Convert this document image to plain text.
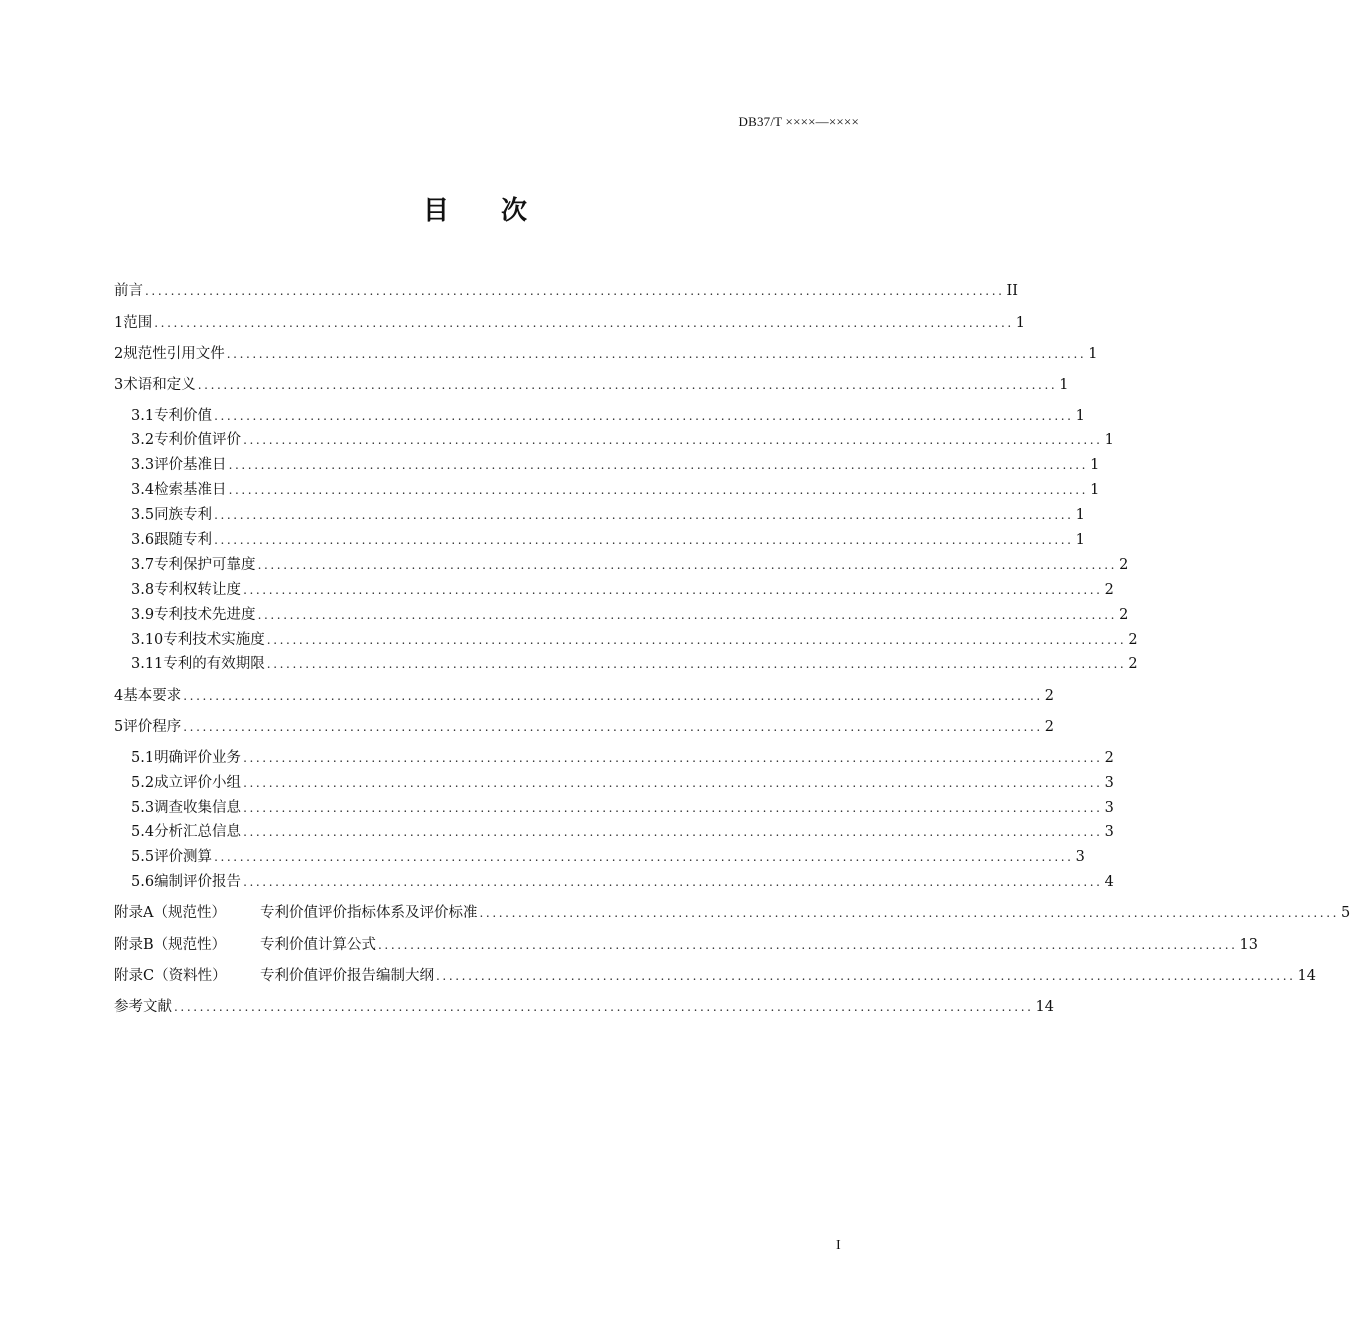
DB37/T ××××—××××
目 次
前言 ...................................................................................................................................... II
1 范围 ...................................................................................................................................... 1
2 规范性引用文件 ...................................................................................................................................... 1
3 术语和定义 ...................................................................................................................................... 1
3.1 专利价值 ...................................................................................................................................... 1
3.2 专利价值评价 ...................................................................................................................................... 1
3.3 评价基准日 ...................................................................................................................................... 1
3.4 检索基准日 ...................................................................................................................................... 1
3.5 同族专利 ...................................................................................................................................... 1
3.6 跟随专利 ...................................................................................................................................... 1
3.7 专利保护可靠度 ...................................................................................................................................... 2
3.8 专利权转让度 ...................................................................................................................................... 2
3.9 专利技术先进度 ...................................................................................................................................... 2
3.10 专利技术实施度 ...................................................................................................................................... 2
3.11 专利的有效期限 ...................................................................................................................................... 2
4 基本要求 ...................................................................................................................................... 2
5 评价程序 ...................................................................................................................................... 2
5.1 明确评价业务 ...................................................................................................................................... 2
5.2 成立评价小组 ...................................................................................................................................... 3
5.3 调查收集信息 ...................................................................................................................................... 3
5.4 分析汇总信息 ...................................................................................................................................... 3
5.5 评价测算 ...................................................................................................................................... 3
5.6 编制评价报告 ...................................................................................................................................... 4
附录A（规范性） 专利价值评价指标体系及评价标准 ...................................................................................................................................... 5
附录B（规范性） 专利价值计算公式 ...................................................................................................................................... 13
附录C（资料性） 专利价值评价报告编制大纲 ...................................................................................................................................... 14
参考文献 ...................................................................................................................................... 14
I
